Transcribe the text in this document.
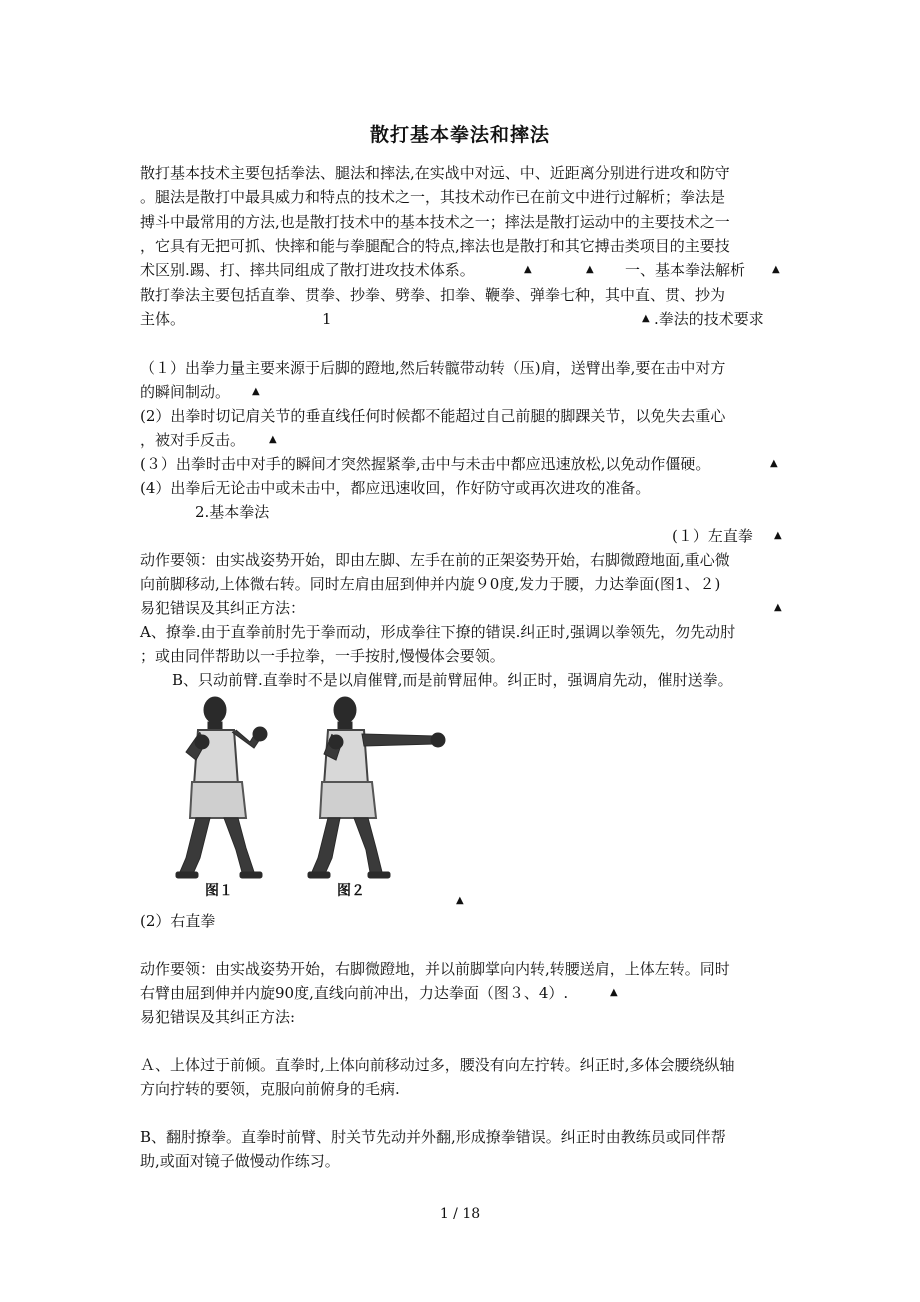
散打基本拳法和摔法
散打基本技术主要包括拳法、腿法和摔法,在实战中对远、中、近距离分别进行进攻和防守
。腿法是散打中最具威力和特点的技术之一，其技术动作已在前文中进行过解析；拳法是
搏斗中最常用的方法,也是散打技术中的基本技术之一；摔法是散打运动中的主要技术之一
，它具有无把可抓、快摔和能与拳腿配合的特点,摔法也是散打和其它搏击类项目的主要技
术区别.踢、打、摔共同组成了散打进攻技术体系。	▲	▲ 一、基本拳法解析	▲
散打拳法主要包括直拳、贯拳、抄拳、劈拳、扣拳、鞭拳、弹拳七种，其中直、贯、抄为
主体。	1	▲ .拳法的技术要求
（１）出拳力量主要来源于后脚的蹬地,然后转髋带动转（压)肩，送臂出拳,要在击中对方
的瞬间制动。 ▲
(2）出拳时切记肩关节的垂直线任何时候都不能超过自己前腿的脚踝关节，以免失去重心
，被对手反击。 ▲
(３）出拳时击中对手的瞬间才突然握紧拳,击中与未击中都应迅速放松,以免动作僵硬。	▲
(4）出拳后无论击中或未击中，都应迅速收回，作好防守或再次进攻的准备。
2.基本拳法
(１）左直拳 ▲
动作要领：由实战姿势开始，即由左脚、左手在前的正架姿势开始，右脚微蹬地面,重心微
向前脚移动,上体微右转。同时左肩由屈到伸并内旋９0度,发力于腰，力达拳面(图1、２)
易犯错误及其纠正方法：	▲
A、撩拳.由于直拳前肘先于拳而动，形成拳往下撩的错误.纠正时,强调以拳领先，勿先动肘
；或由同伴帮助以一手拉拳，一手按肘,慢慢体会要领。
B、只动前臂.直拳时不是以肩催臂,而是前臂屈伸。纠正时，强调肩先动，催肘送拳。
图１	图２
▲
(2）右直拳
动作要领：由实战姿势开始，右脚微蹬地，并以前脚掌向内转,转腰送肩，上体左转。同时
右臂由屈到伸并内旋90度,直线向前冲出，力达拳面（图３、4）.	▲
易犯错误及其纠正方法:
Ａ、上体过于前倾。直拳时,上体向前移动过多，腰没有向左拧转。纠正时,多体会腰绕纵轴
方向拧转的要领，克服向前俯身的毛病.
B、翻肘撩拳。直拳时前臂、肘关节先动并外翻,形成撩拳错误。纠正时由教练员或同伴帮
助,或面对镜子做慢动作练习。
1 / 18
